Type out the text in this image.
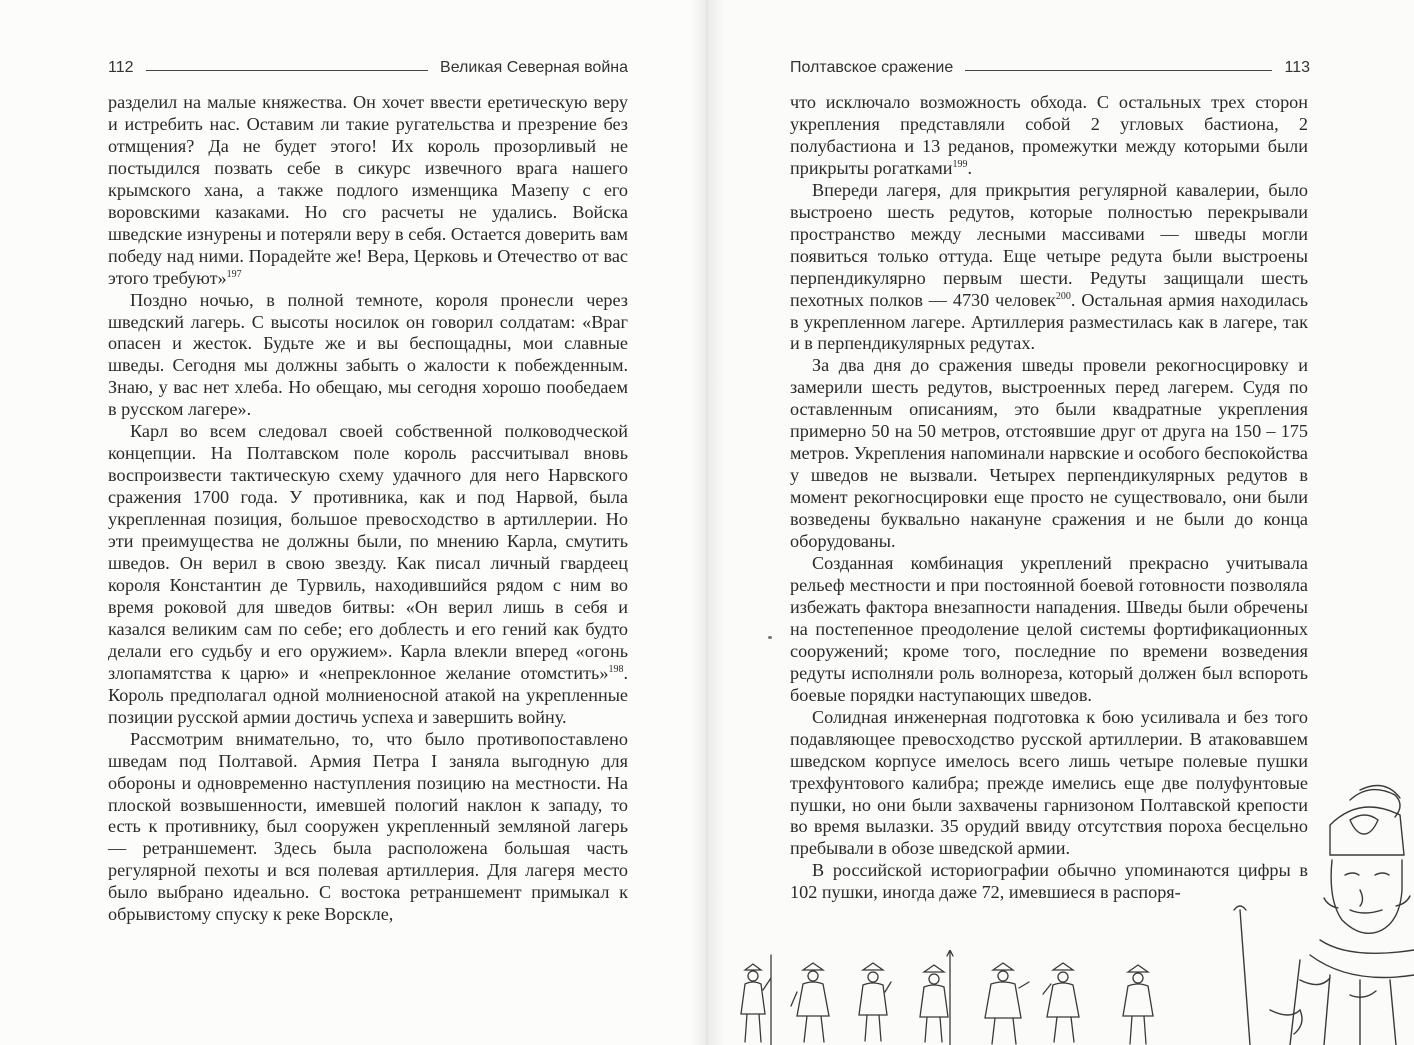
112	Великая Северная война

разделил на малые княжества. Он хочет ввести еретическую веру и истребить нас. Оставим ли такие ругательства и презрение без отмщения? Да не будет этого! Их король прозорливый не постыдился позвать себе в сикурс извечного врага нашего крымского хана, а также подлого изменщика Мазепу с его воровскими казаками. Но сго расчеты не удались. Войска шведские изнурены и потеряли веру в себя. Остается доверить вам победу над ними. Порадейте же! Вера, Церковь и Отечество от вас этого требуют»$^{197}$

Поздно ночью, в полной темноте, короля пронесли через шведский лагерь. С высоты носилок он говорил солдатам: «Враг опасен и жесток. Будьте же и вы беспощадны, мои славные шведы. Сегодня мы должны забыть о жалости к побежденным. Знаю, у вас нет хлеба. Но обещаю, мы сегодня хорошо пообедаем в русском лагере».

Карл во всем следовал своей собственной полководческой концепции. На Полтавском поле король рассчитывал вновь воспроизвести тактическую схему удачного для него Нарвского сражения 1700 года. У противника, как и под Нарвой, была укрепленная позиция, большое превосходство в артиллерии. Но эти преимущества не должны были, по мнению Карла, смутить шведов. Он верил в свою звезду. Как писал личный гвардеец короля Константин де Турвиль, находившийся рядом с ним во время роковой для шведов битвы: «Он верил лишь в себя и казался великим сам по себе; его доблесть и его гений как будто делали его судьбу и его оружием». Карла влекли вперед «огонь злопамятства к царю» и «непреклонное желание отомстить»$^{198}$. Король предполагал одной молниеносной атакой на укрепленные позиции русской армии достичь успеха и завершить войну.

Рассмотрим внимательно, то, что было противопоставлено шведам под Полтавой. Армия Петра I заняла выгодную для обороны и одновременно наступления позицию на местности. На плоской возвышенности, имевшей пологий наклон к западу, то есть к противнику, был сооружен укрепленный земляной лагерь — ретраншемент. Здесь была расположена большая часть регулярной пехоты и вся полевая артиллерия. Для лагеря место было выбрано идеально. С востока ретраншемент примыкал к обрывистому спуску к реке Ворскле,

Полтавское сражение	113

что исключало возможность обхода. С остальных трех сторон укрепления представляли собой 2 угловых бастиона, 2 полубастиона и 13 реданов, промежутки между которыми были прикрыты рогатками$^{199}$.

Впереди лагеря, для прикрытия регулярной кавалерии, было выстроено шесть редутов, которые полностью перекрывали пространство между лесными массивами — шведы могли появиться только оттуда. Еще четыре редута были выстроены перпендикулярно первым шести. Редуты защищали шесть пехотных полков — 4730 человек$^{200}$. Остальная армия находилась в укрепленном лагере. Артиллерия разместилась как в лагере, так и в перпендикулярных редутах.

За два дня до сражения шведы провели рекогносцировку и замерили шесть редутов, выстроенных перед лагерем. Судя по оставленным описаниям, это были квадратные укрепления примерно 50 на 50 метров, отстоявшие друг от друга на 150 – 175 метров. Укрепления напоминали нарвские и особого беспокойства у шведов не вызвали. Четырех перпендикулярных редутов в момент рекогносцировки еще просто не существовало, они были возведены буквально накануне сражения и не были до конца оборудованы.

Созданная комбинация укреплений прекрасно учитывала рельеф местности и при постоянной боевой готовности позволяла избежать фактора внезапности нападения. Шведы были обречены на постепенное преодоление целой системы фортификационных сооружений; кроме того, последние по времени возведения редуты исполняли роль волнореза, который должен был вспороть боевые порядки наступающих шведов.

Солидная инженерная подготовка к бою усиливала и без того подавляющее превосходство русской артиллерии. В атаковавшем шведском корпусе имелось всего лишь четыре полевые пушки трехфунтового калибра; прежде имелись еще две полуфунтовые пушки, но они были захвачены гарнизоном Полтавской крепости во время вылазки. 35 орудий ввиду отсутствия пороха бесцельно пребывали в обозе шведской армии.

В российской историографии обычно упоминаются цифры в 102 пушки, иногда даже 72, имевшиеся в распоря-
